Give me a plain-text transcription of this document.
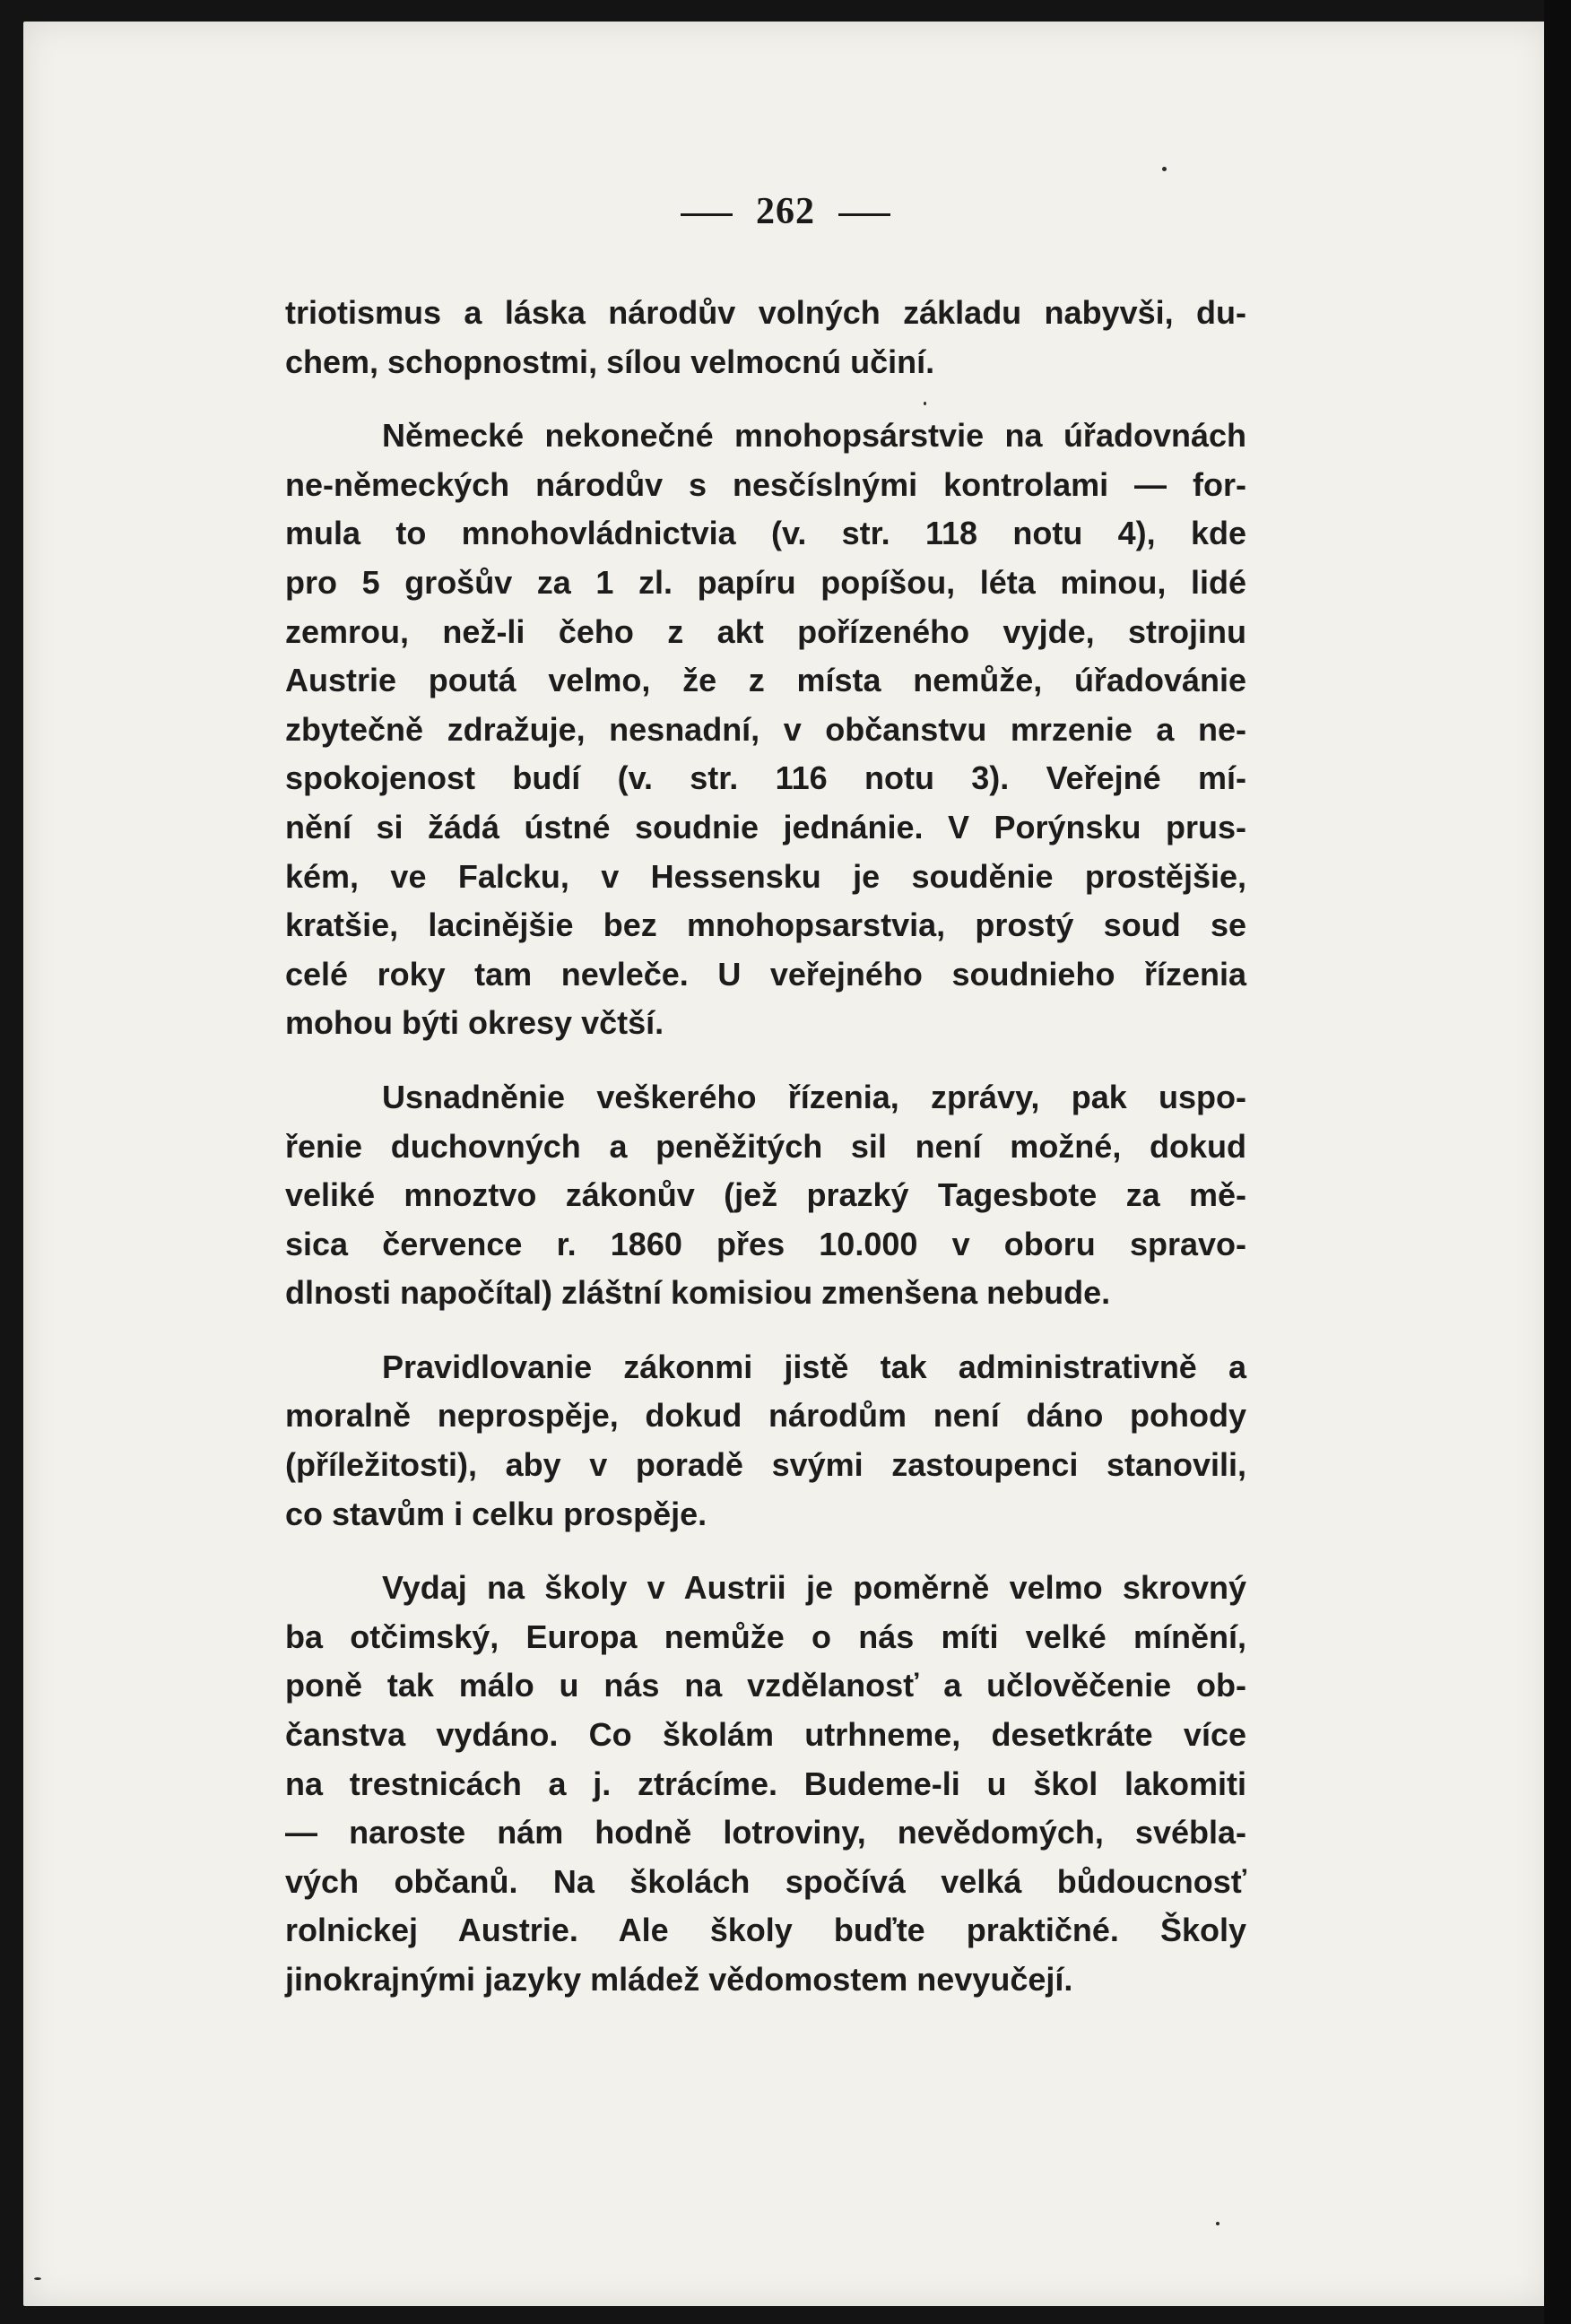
262
triotismus a láska národův volných základu nabyvši, du-
chem, schopnostmi, sílou velmocnú učiní.
Německé nekonečné mnohopsárstvie na úřadovnách
ne-německých národův s nesčíslnými kontrolami — for-
mula to mnohovládnictvia (v. str. 118 notu 4), kde
pro 5 grošův za 1 zl. papíru popíšou, léta minou, lidé
zemrou, než-li čeho z akt pořízeného vyjde, strojinu
Austrie poutá velmo, že z místa nemůže, úřadovánie
zbytečně zdražuje, nesnadní, v občanstvu mrzenie a ne-
spokojenost budí (v. str. 116 notu 3). Veřejné mí-
nění si žádá ústné soudnie jednánie. V Porýnsku prus-
kém, ve Falcku, v Hessensku je souděnie prostějšie,
kratšie, lacinějšie bez mnohopsarstvia, prostý soud se
celé roky tam nevleče. U veřejného soudnieho řízenia
mohou býti okresy včtší.
Usnadněnie veškerého řízenia, zprávy, pak uspo-
řenie duchovných a peněžitých sil není možné, dokud
veliké mnoztvo zákonův (jež prazký Tagesbote za mě-
sica července r. 1860 přes 10.000 v oboru spravo-
dlnosti napočítal) zláštní komisiou zmenšena nebude.
Pravidlovanie zákonmi jistě tak administrativně a
moralně neprospěje, dokud národům není dáno pohody
(příležitosti), aby v poradě svými zastoupenci stanovili,
co stavům i celku prospěje.
Vydaj na školy v Austrii je poměrně velmo skrovný
ba otčimský, Europa nemůže o nás míti velké mínění,
poně tak málo u nás na vzdělanosť a učlověčenie ob-
čanstva vydáno. Co školám utrhneme, desetkráte více
na trestnicách a j. ztrácíme. Budeme-li u škol lakomiti
— naroste nám hodně lotroviny, nevědomých, svébla-
vých občanů. Na školách spočívá velká bůdoucnosť
rolnickej Austrie. Ale školy buďte praktičné. Školy
jinokrajnými jazyky mládež vědomostem nevyučejí.
